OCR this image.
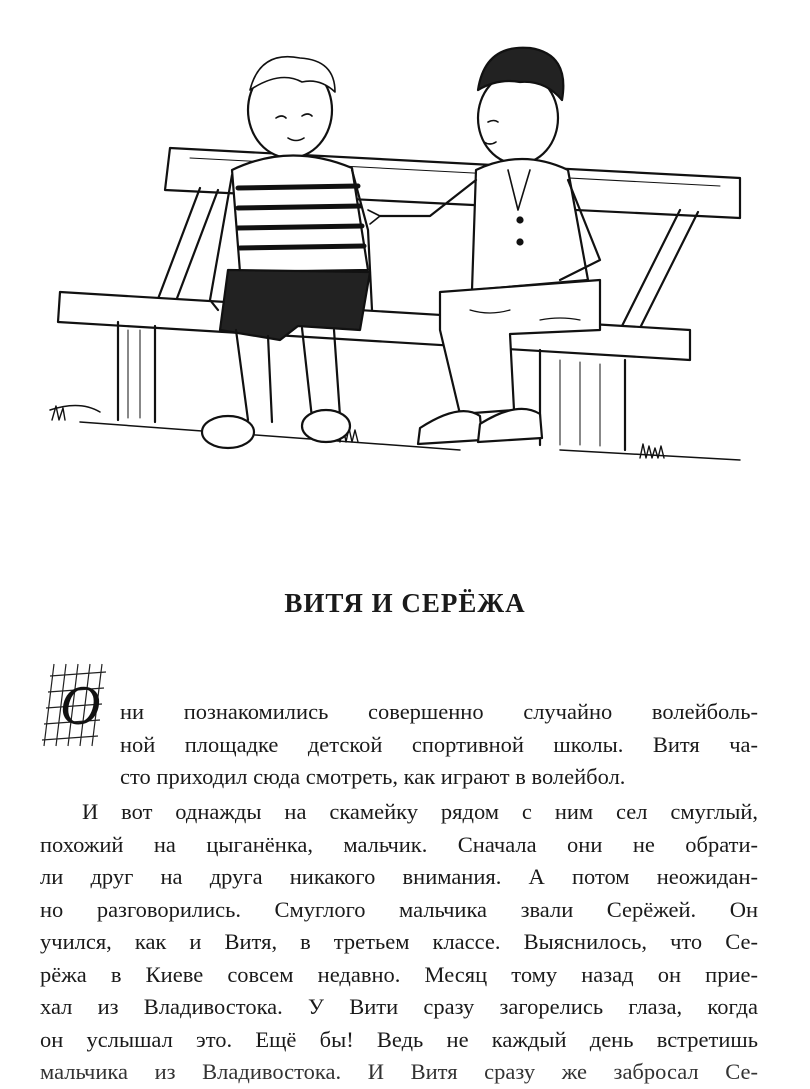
ВИТЯ И СЕРЁЖА
О ни познакомились совершенно случайно волейболь-
ной площадке детской спортивной школы. Витя ча-
сто приходил сюда смотреть, как играют в волейбол.

И вот однажды на скамейку рядом с ним сел смуглый,
похожий на цыганёнка, мальчик. Сначала они не обрати-
ли друг на друга никакого внимания. А потом неожидан-
но разговорились. Смуглого мальчика звали Серёжей. Он
учился, как и Витя, в третьем классе. Выяснилось, что Се-
рёжа в Киеве совсем недавно. Месяц тому назад он прие-
хал из Владивостока. У Вити сразу загорелись глаза, когда
он услышал это. Ещё бы! Ведь не каждый день встретишь
мальчика из Владивостока. И Витя сразу же забросал Се-
